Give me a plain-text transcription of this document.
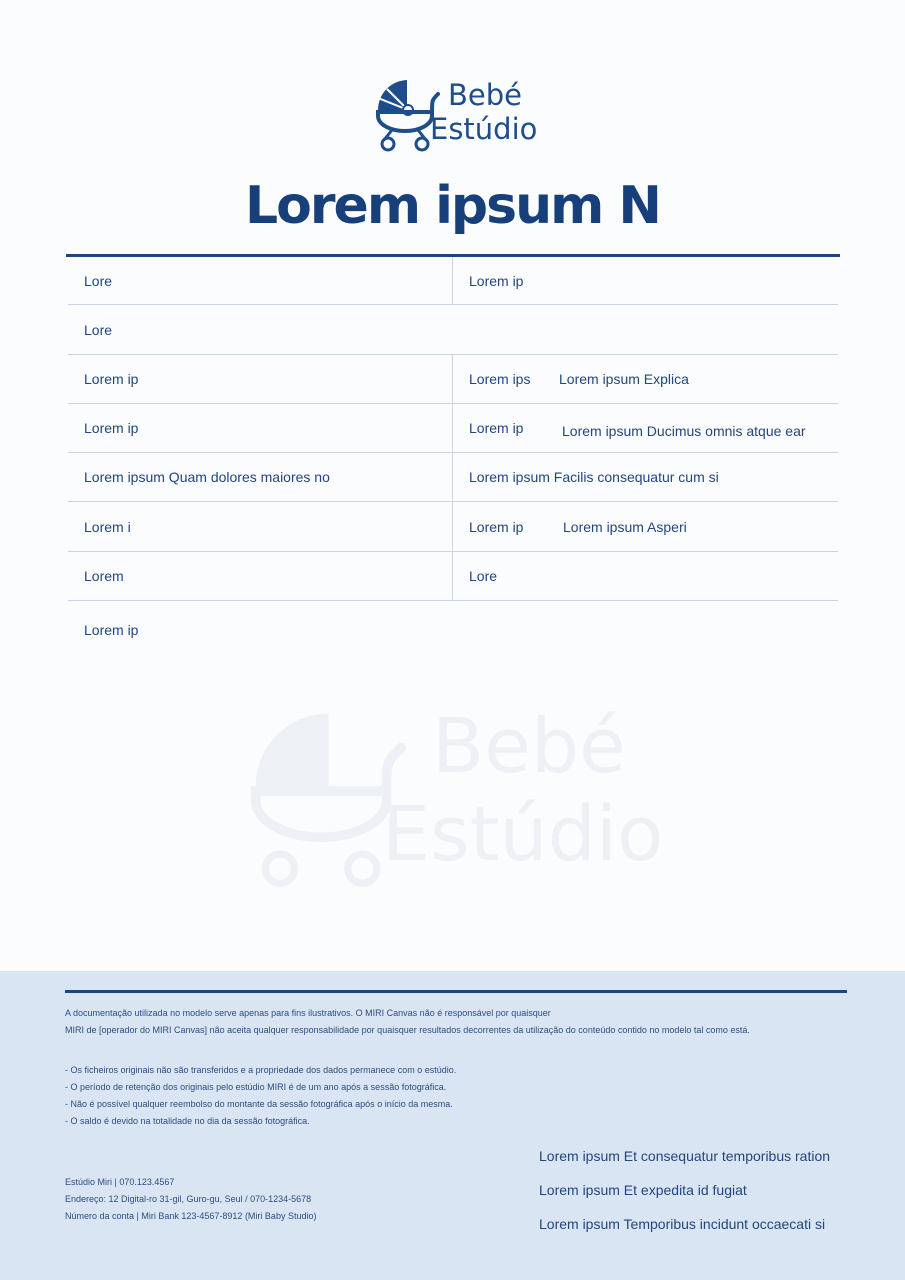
Bebé
Estúdio
Lorem ipsum N
Lore	Lorem ip
Lore
Lorem ip	Lorem ips Lorem ipsum Explica
Lorem ip	Lorem ip	Lorem ipsum Ducimus omnis atque ear
Lorem ipsum Quam dolores maiores no	Lorem ipsum Facilis consequatur cum si
Lorem i	Lorem ip	Lorem ipsum Asperi
Lorem	Lore
Lorem ip
Bebé
Estúdio
A documentação utilizada no modelo serve apenas para fins ilustrativos. O MIRI Canvas não é responsável por quaisquer
MIRI de [operador do MIRI Canvas] não aceita qualquer responsabilidade por quaisquer resultados decorrentes da utilização do conteúdo contido no modelo tal como está.
- Os ficheiros originais não são transferidos e a propriedade dos dados permanece com o estúdio.
- O período de retenção dos originais pelo estúdio MIRI é de um ano após a sessão fotográfica.
- Não é possível qualquer reembolso do montante da sessão fotográfica após o início da mesma.
- O saldo é devido na totalidade no dia da sessão fotográfica.
Estúdio Miri | 070.123.4567
Endereço: 12 Digital-ro 31-gil, Guro-gu, Seul / 070-1234-5678
Número da conta | Miri Bank 123-4567-8912 (Miri Baby Studio)
Lorem ipsum Et consequatur temporibus ration
Lorem ipsum Et expedita id fugiat
Lorem ipsum Temporibus incidunt occaecati si
